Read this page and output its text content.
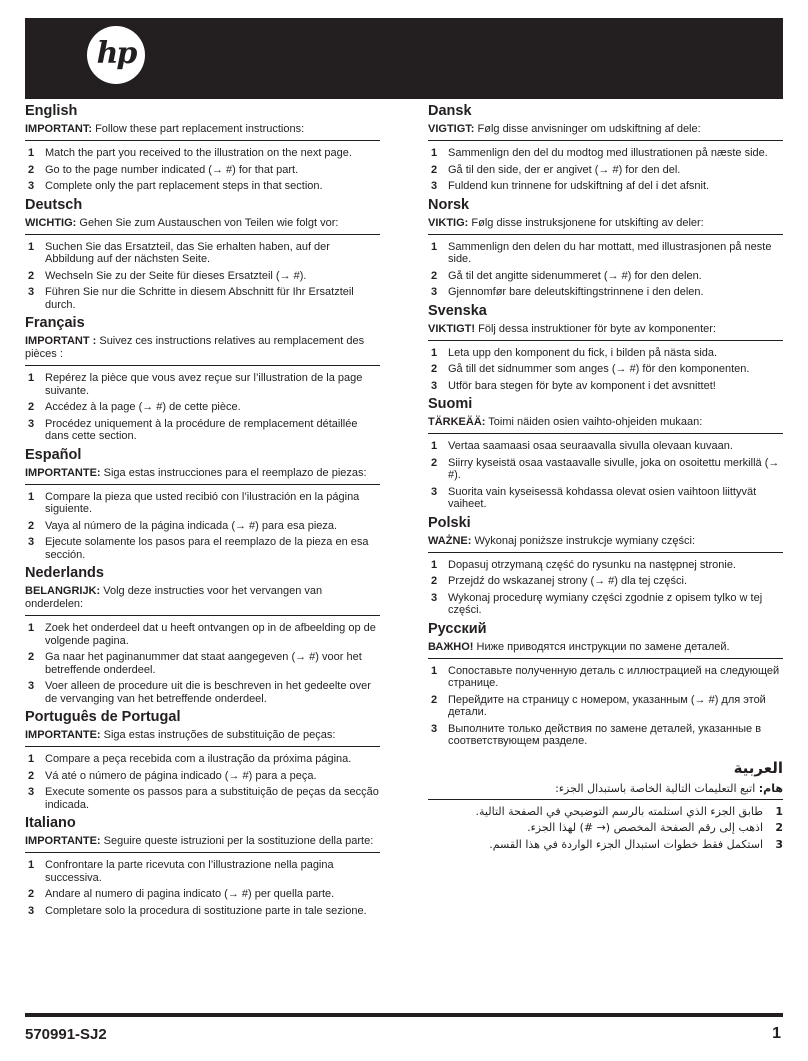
hp
English
IMPORTANT: Follow these part replacement instructions:
1 Match the part you received to the illustration on the next page.
2 Go to the page number indicated (→ #) for that part.
3 Complete only the part replacement steps in that section.
Deutsch
WICHTIG: Gehen Sie zum Austauschen von Teilen wie folgt vor:
1 Suchen Sie das Ersatzteil, das Sie erhalten haben, auf der Abbildung auf der nächsten Seite.
2 Wechseln Sie zu der Seite für dieses Ersatzteil (→ #).
3 Führen Sie nur die Schritte in diesem Abschnitt für Ihr Ersatzteil durch.
Français
IMPORTANT : Suivez ces instructions relatives au remplacement des pièces :
1 Repérez la pièce que vous avez reçue sur l’illustration de la page suivante.
2 Accédez à la page (→ #) de cette pièce.
3 Procédez uniquement à la procédure de remplacement détaillée dans cette section.
Español
IMPORTANTE: Siga estas instrucciones para el reemplazo de piezas:
1 Compare la pieza que usted recibió con l’ilustración en la página siguiente.
2 Vaya al número de la página indicada (→ #) para esa pieza.
3 Ejecute solamente los pasos para el reemplazo de la pieza en esa sección.
Nederlands
BELANGRIJK: Volg deze instructies voor het vervangen van onderdelen:
1 Zoek het onderdeel dat u heeft ontvangen op in de afbeelding op de volgende pagina.
2 Ga naar het paginanummer dat staat aangegeven (→ #) voor het betreffende onderdeel.
3 Voer alleen de procedure uit die is beschreven in het gedeelte over de vervanging van het betreffende onderdeel.
Português de Portugal
IMPORTANTE: Siga estas instruções de substituição de peças:
1 Compare a peça recebida com a ilustração da próxima página.
2 Vá até o número de página indicado (→ #) para a peça.
3 Execute somente os passos para a substituição de peças da secção indicada.
Italiano
IMPORTANTE: Seguire queste istruzioni per la sostituzione della parte:
1 Confrontare la parte ricevuta con l’illustrazione nella pagina successiva.
2 Andare al numero di pagina indicato (→ #) per quella parte.
3 Completare solo la procedura di sostituzione parte in tale sezione.
Dansk
VIGTIGT: Følg disse anvisninger om udskiftning af dele:
1 Sammenlign den del du modtog med illustrationen på næste side.
2 Gå til den side, der er angivet (→ #) for den del.
3 Fuldend kun trinnene for udskiftning af del i det afsnit.
Norsk
VIKTIG: Følg disse instruksjonene for utskifting av deler:
1 Sammenlign den delen du har mottatt, med illustrasjonen på neste side.
2 Gå til det angitte sidenummeret (→ #) for den delen.
3 Gjennomfør bare deleutskiftingstrinnene i den delen.
Svenska
VIKTIGT! Följ dessa instruktioner för byte av komponenter:
1 Leta upp den komponent du fick, i bilden på nästa sida.
2 Gå till det sidnummer som anges (→ #) för den komponenten.
3 Utför bara stegen för byte av komponent i det avsnittet!
Suomi
TÄRKEÄÄ: Toimi näiden osien vaihto-ohjeiden mukaan:
1 Vertaa saamaasi osaa seuraavalla sivulla olevaan kuvaan.
2 Siirry kyseistä osaa vastaavalle sivulle, joka on osoitettu merkillä (→ #).
3 Suorita vain kyseisessä kohdassa olevat osien vaihtoon liittyvät vaiheet.
Polski
WAŻNE: Wykonaj poniższe instrukcje wymiany części:
1 Dopasuj otrzymaną część do rysunku na następnej stronie.
2 Przejdź do wskazanej strony (→ #) dla tej części.
3 Wykonaj procedurę wymiany części zgodnie z opisem tylko w tej części.
Русский
ВАЖНО! Ниже приводятся инструкции по замене деталей.
1 Сопоставьте полученную деталь с иллюстрацией на следующей странице.
2 Перейдите на страницу с номером, указанным (→ #) для этой детали.
3 Выполните только действия по замене деталей, указанные в соответствующем разделе.
العربية
هام: اتبع التعليمات التالية الخاصة باستبدال الجزء:
1
طابق الجزء الذي استلمته بالرسم التوضيحي في الصفحة التالية.
2
اذهب إلى رقم الصفحة المخصص (→ #) لهذا الجزء.
3
استكمل فقط خطوات استبدال الجزء الواردة في هذا القسم.
570991-SJ2	1
